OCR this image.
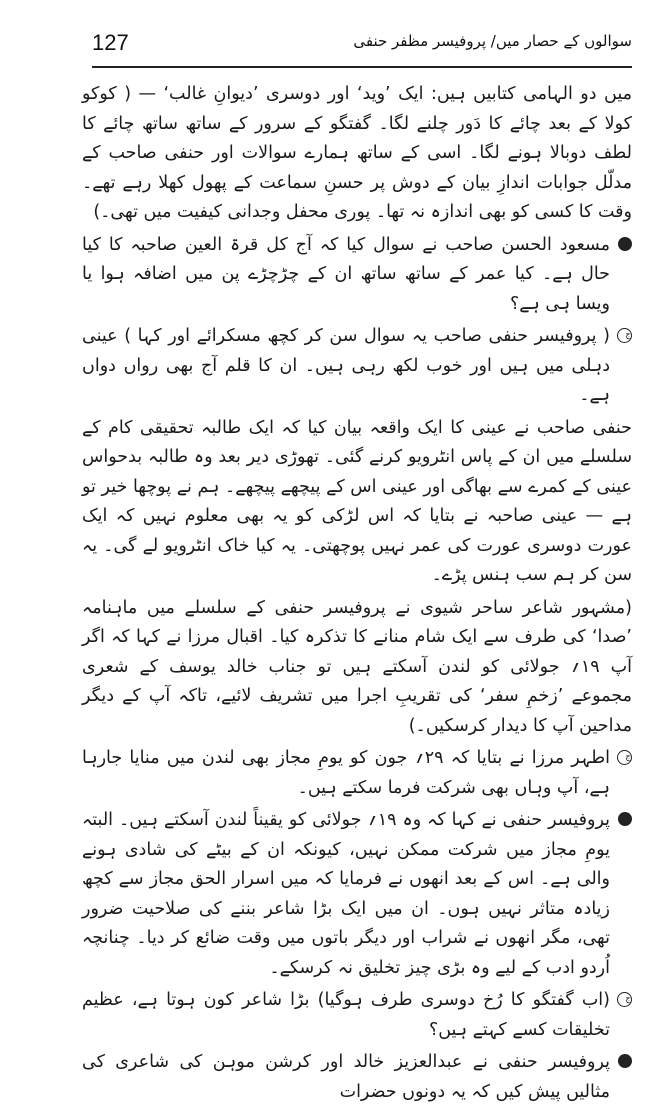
127	سوالوں کے حصار میں/ پروفیسر مظفر حنفی

میں دو الہامی کتابیں ہیں: ایک ’وید‘ اور دوسری ’دیوانِ غالب‘ — ( کوکو کولا کے بعد چائے کا دَور چلنے لگا۔ گفتگو کے سرور کے ساتھ ساتھ چائے کا لطف دوبالا ہونے لگا۔ اسی کے ساتھ ہمارے سوالات اور حنفی صاحب کے مدلّل جوابات اندازِ بیان کے دوش پر حسنِ سماعت کے پھول کھلا رہے تھے۔ وقت کا کسی کو بھی اندازہ نہ تھا۔ پوری محفل وجدانی کیفیت میں تھی۔)

مسعود الحسن صاحب نے سوال کیا کہ آج کل قرۃ العین صاحبہ کا کیا حال ہے۔ کیا عمر کے ساتھ ساتھ ان کے چڑچڑے پن میں اضافہ ہوا یا ویسا ہی ہے؟

ج
( پروفیسر حنفی صاحب یہ سوال سن کر کچھ مسکرائے اور کہا ) عینی دہلی میں ہیں اور خوب لکھ رہی ہیں۔ ان کا قلم آج بھی رواں دواں ہے۔

حنفی صاحب نے عینی کا ایک واقعہ بیان کیا کہ ایک طالبہ تحقیقی کام کے سلسلے میں ان کے پاس انٹرویو کرنے گئی۔ تھوڑی دیر بعد وہ طالبہ بدحواس عینی کے کمرے سے بھاگی اور عینی اس کے پیچھے پیچھے۔ ہم نے پوچھا خیر تو ہے — عینی صاحبہ نے بتایا کہ اس لڑکی کو یہ بھی معلوم نہیں کہ ایک عورت دوسری عورت کی عمر نہیں پوچھتی۔ یہ کیا خاک انٹرویو لے گی۔ یہ سن کر ہم سب ہنس پڑے۔

(مشہور شاعر ساحر شیوی نے پروفیسر حنفی کے سلسلے میں ماہنامہ ’صدا‘ کی طرف سے ایک شام منانے کا تذکرہ کیا۔ اقبال مرزا نے کہا کہ اگر آپ ۱۹؍ جولائی کو لندن آسکتے ہیں تو جناب خالد یوسف کے شعری مجموعے ’زخمِ سفر‘ کی تقریبِ اجرا میں تشریف لائیے، تاکہ آپ کے دیگر مداحین آپ کا دیدار کرسکیں۔)

ج
اطہر مرزا نے بتایا کہ ۲۹؍ جون کو یومِ مجاز بھی لندن میں منایا جارہا ہے، آپ وہاں بھی شرکت فرما سکتے ہیں۔

پروفیسر حنفی نے کہا کہ وہ ۱۹؍ جولائی کو یقیناً لندن آسکتے ہیں۔ البتہ یومِ مجاز میں شرکت ممکن نہیں، کیونکہ ان کے بیٹے کی شادی ہونے والی ہے۔ اس کے بعد انھوں نے فرمایا کہ میں اسرار الحق مجاز سے کچھ زیادہ متاثر نہیں ہوں۔ ان میں ایک بڑا شاعر بننے کی صلاحیت ضرور تھی، مگر انھوں نے شراب اور دیگر باتوں میں وقت ضائع کر دیا۔ چنانچہ اُردو ادب کے لیے وہ بڑی چیز تخلیق نہ کرسکے۔

ج
(اب گفتگو کا رُخ دوسری طرف ہوگیا) بڑا شاعر کون ہوتا ہے، عظیم تخلیقات کسے کہتے ہیں؟

پروفیسر حنفی نے عبدالعزیز خالد اور کرشن موہن کی شاعری کی مثالیں پیش کیں کہ یہ دونوں حضرات
